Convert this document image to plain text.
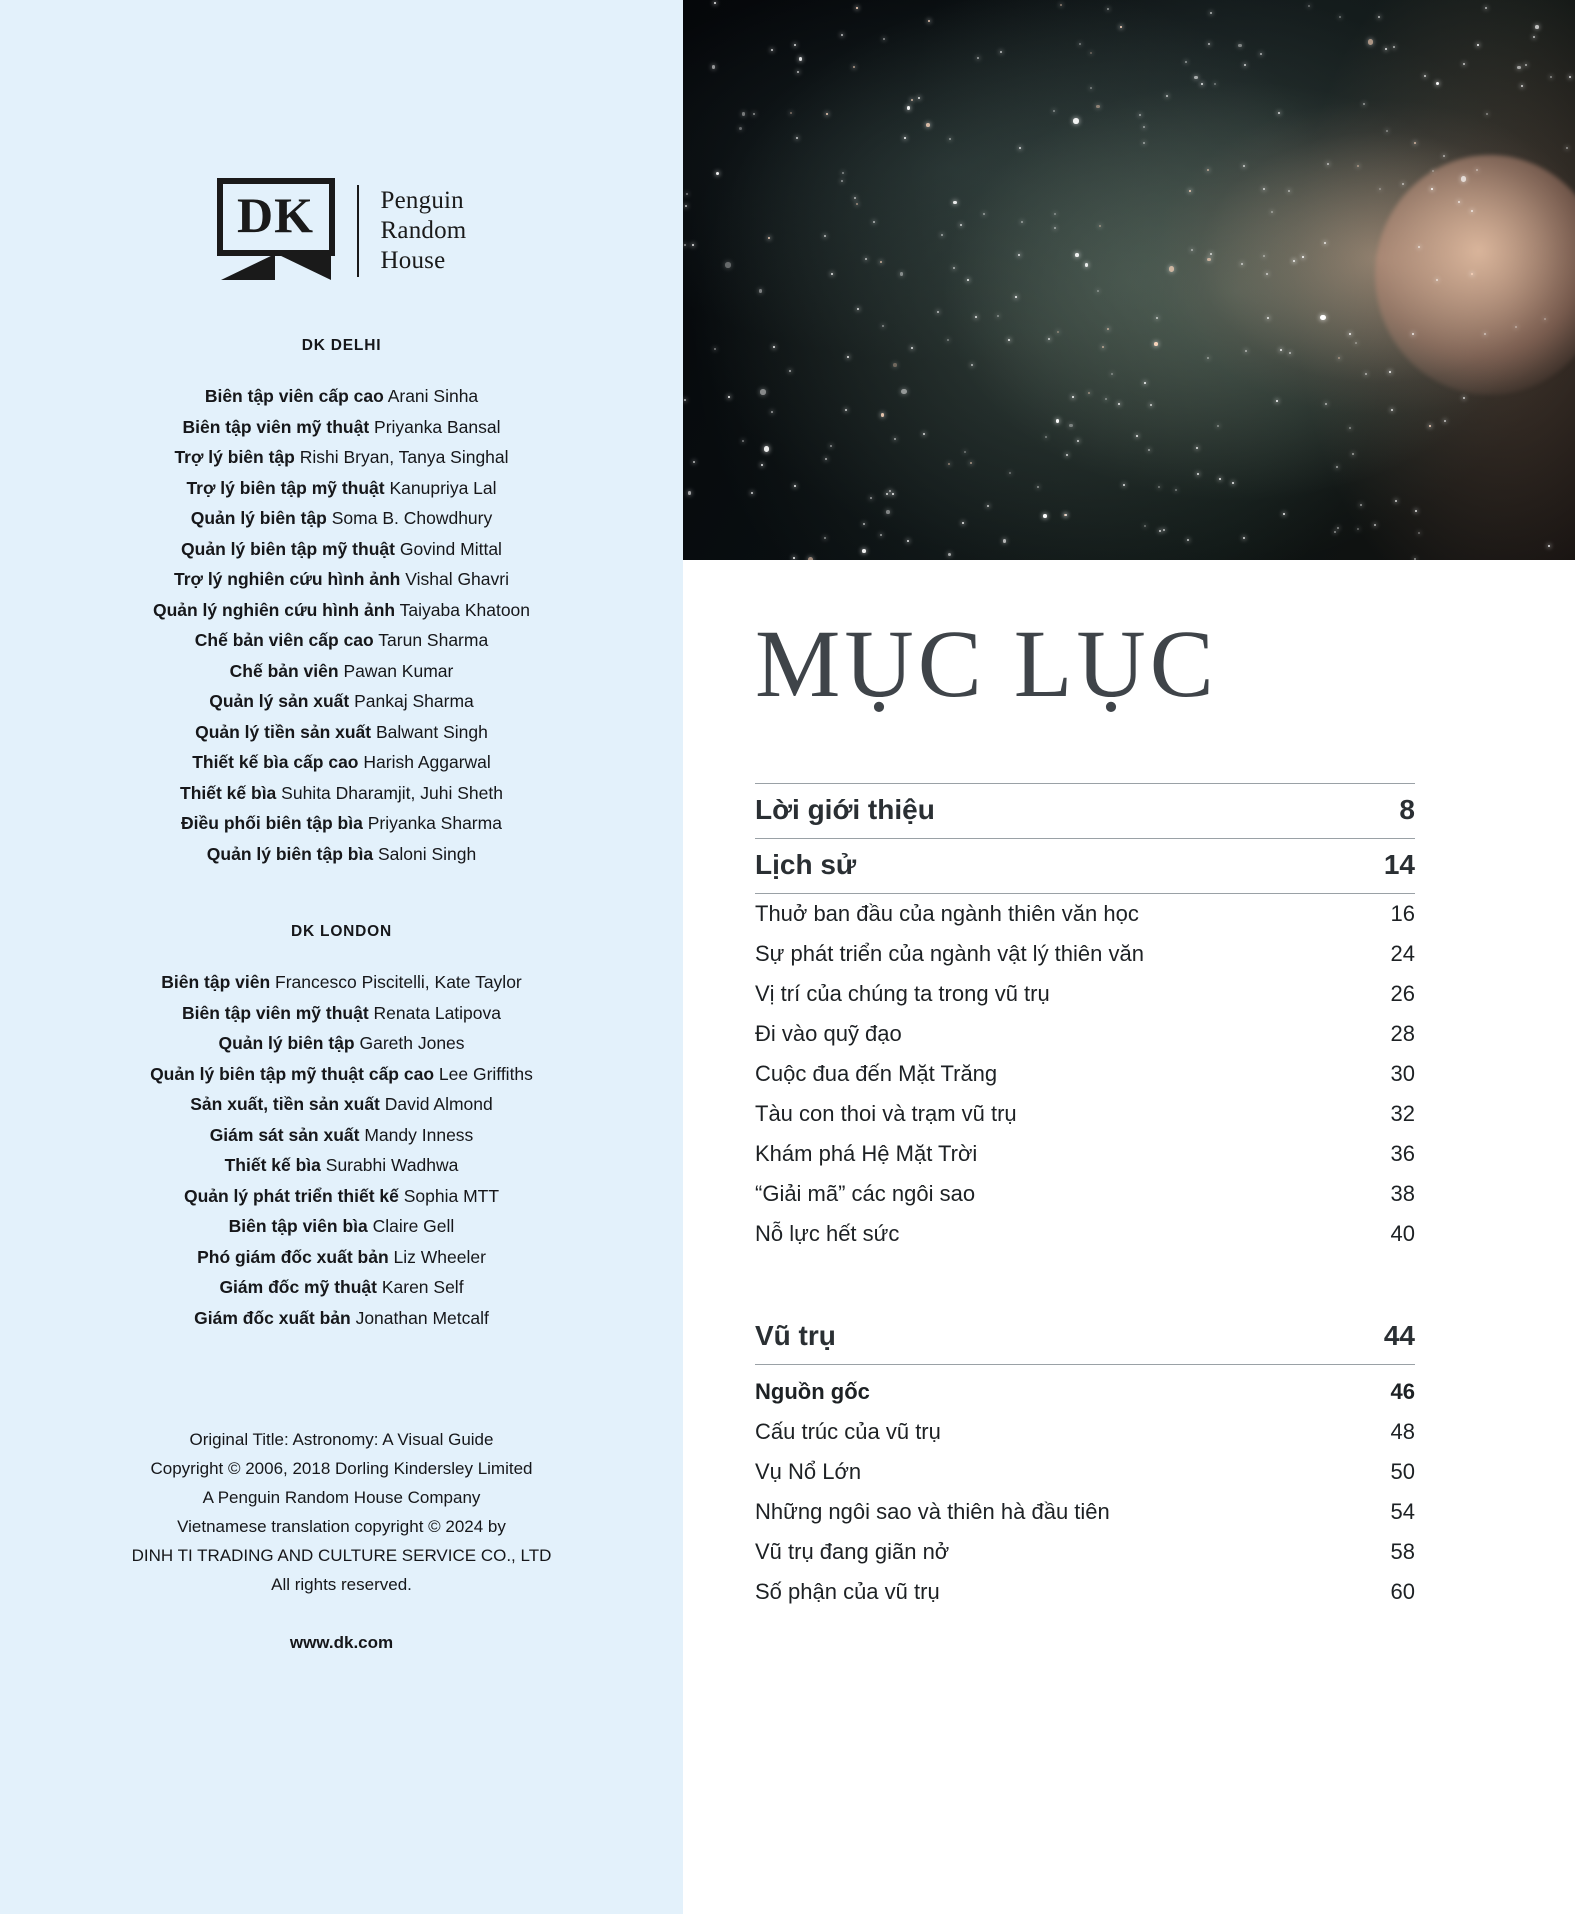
DK	Penguin
Random
House
DK DELHI
Biên tập viên cấp cao Arani Sinha
Biên tập viên mỹ thuật Priyanka Bansal
Trợ lý biên tập Rishi Bryan, Tanya Singhal
Trợ lý biên tập mỹ thuật Kanupriya Lal
Quản lý biên tập Soma B. Chowdhury
Quản lý biên tập mỹ thuật Govind Mittal
Trợ lý nghiên cứu hình ảnh Vishal Ghavri
Quản lý nghiên cứu hình ảnh Taiyaba Khatoon
Chế bản viên cấp cao Tarun Sharma
Chế bản viên Pawan Kumar
Quản lý sản xuất Pankaj Sharma
Quản lý tiền sản xuất Balwant Singh
Thiết kế bìa cấp cao Harish Aggarwal
Thiết kế bìa Suhita Dharamjit, Juhi Sheth
Điều phối biên tập bìa Priyanka Sharma
Quản lý biên tập bìa Saloni Singh
DK LONDON
Biên tập viên Francesco Piscitelli, Kate Taylor
Biên tập viên mỹ thuật Renata Latipova
Quản lý biên tập Gareth Jones
Quản lý biên tập mỹ thuật cấp cao Lee Griffiths
Sản xuất, tiền sản xuất David Almond
Giám sát sản xuất Mandy Inness
Thiết kế bìa Surabhi Wadhwa
Quản lý phát triển thiết kế Sophia MTT
Biên tập viên bìa Claire Gell
Phó giám đốc xuất bản Liz Wheeler
Giám đốc mỹ thuật Karen Self
Giám đốc xuất bản Jonathan Metcalf
Original Title: Astronomy: A Visual Guide
Copyright © 2006, 2018 Dorling Kindersley Limited
A Penguin Random House Company
Vietnamese translation copyright © 2024 by
DINH TI TRADING AND CULTURE SERVICE CO., LTD
All rights reserved.
www.dk.com
MỤC LỤC
Lời giới thiệu	8
Lịch sử	14
Thuở ban đầu của ngành thiên văn học	16
Sự phát triển của ngành vật lý thiên văn	24
Vị trí của chúng ta trong vũ trụ	26
Đi vào quỹ đạo	28
Cuộc đua đến Mặt Trăng	30
Tàu con thoi và trạm vũ trụ	32
Khám phá Hệ Mặt Trời	36
“Giải mã” các ngôi sao	38
Nỗ lực hết sức	40
Vũ trụ	44
Nguồn gốc	46
Cấu trúc của vũ trụ	48
Vụ Nổ Lớn	50
Những ngôi sao và thiên hà đầu tiên	54
Vũ trụ đang giãn nở	58
Số phận của vũ trụ	60
